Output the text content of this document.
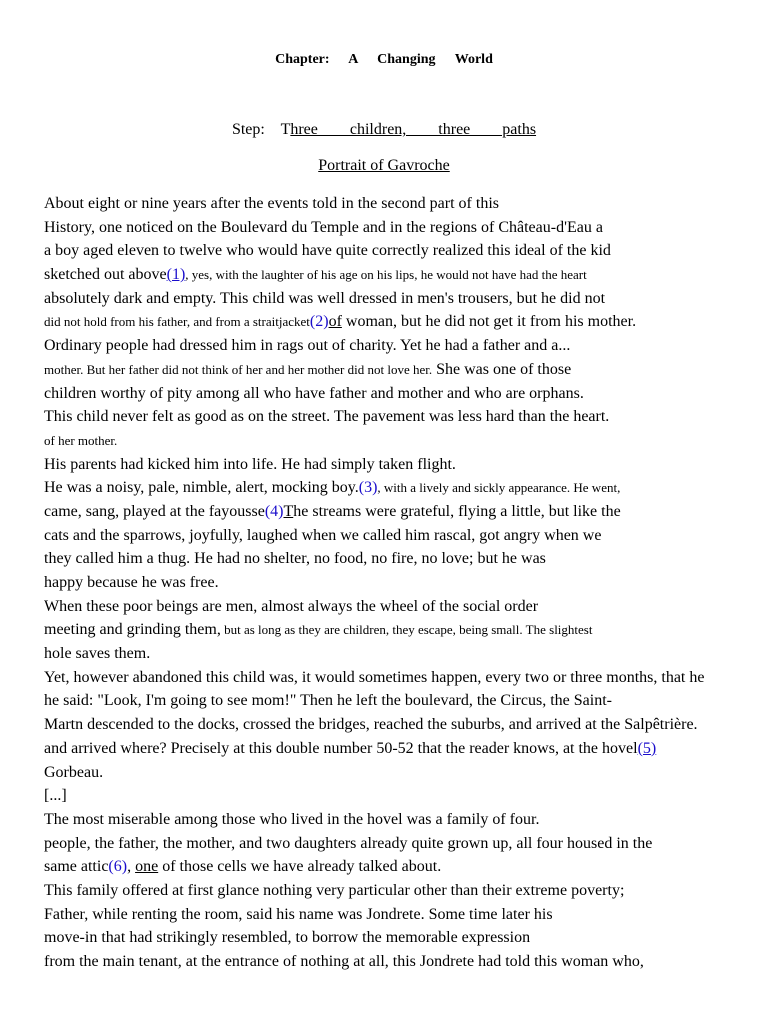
Chapter: A Changing World
Step: Three children, three paths
Portrait of Gavroche
About eight or nine years after the events told in the second part of this
History, one noticed on the Boulevard du Temple and in the regions of Château-d'Eau a
a boy aged eleven to twelve who would have quite correctly realized this ideal of the kid
sketched out above(1), yes, with the laughter of his age on his lips, he would not have had the heart
absolutely dark and empty. This child was well dressed in men's trousers, but he did not
did not hold from his father, and from a straitjacket(2)of woman, but he did not get it from his mother.
Ordinary people had dressed him in rags out of charity. Yet he had a father and a...
mother. But her father did not think of her and her mother did not love her. She was one of those
children worthy of pity among all who have father and mother and who are orphans.
This child never felt as good as on the street. The pavement was less hard than the heart.
of her mother.
His parents had kicked him into life. He had simply taken flight.
He was a noisy, pale, nimble, alert, mocking boy.(3), with a lively and sickly appearance. He went,
came, sang, played at the fayousse(4)The streams were grateful, flying a little, but like the
cats and the sparrows, joyfully, laughed when we called him rascal, got angry when we
they called him a thug. He had no shelter, no food, no fire, no love; but he was
happy because he was free.
When these poor beings are men, almost always the wheel of the social order
meeting and grinding them, but as long as they are children, they escape, being small. The slightest
hole saves them.
Yet, however abandoned this child was, it would sometimes happen, every two or three months, that he
he said: "Look, I'm going to see mom!" Then he left the boulevard, the Circus, the Saint-
Martn descended to the docks, crossed the bridges, reached the suburbs, and arrived at the Salpêtrière.
and arrived where? Precisely at this double number 50-52 that the reader knows, at the hovel(5)
Gorbeau.
[...]
The most miserable among those who lived in the hovel was a family of four.
people, the father, the mother, and two daughters already quite grown up, all four housed in the
same attic(6), one of those cells we have already talked about.
This family offered at first glance nothing very particular other than their extreme poverty;
Father, while renting the room, said his name was Jondrete. Some time later his
move-in that had strikingly resembled, to borrow the memorable expression
from the main tenant, at the entrance of nothing at all, this Jondrete had told this woman who,
